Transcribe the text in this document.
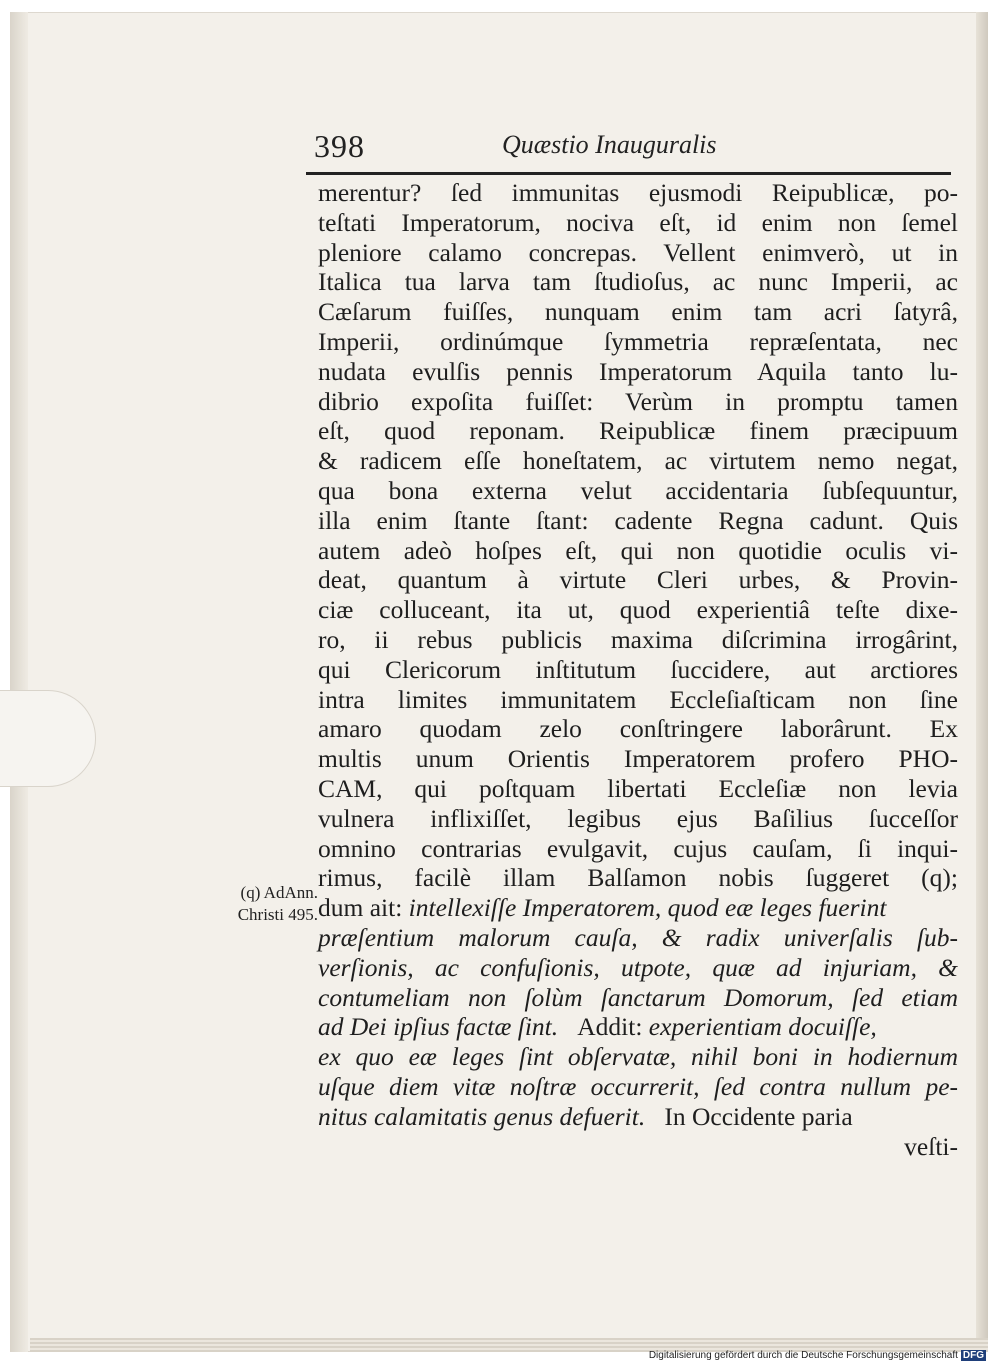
398	Quæstio Inauguralis
(q) AdAnn.
Christi 495.
merentur? ſed immunitas ejusmodi Reipublicæ, po-
teſtati Imperatorum, nociva eſt, id enim non ſemel
pleniore calamo concrepas. Vellent enimverò, ut in
Italica tua larva tam ſtudioſus, ac nunc Imperii, ac
Cæſarum fuiſſes, nunquam enim tam acri ſatyrâ,
Imperii, ordinúmque ſymmetria repræſentata, nec
nudata evulſis pennis Imperatorum Aquila tanto lu-
dibrio expoſita fuiſſet: Verùm in promptu tamen
eſt, quod reponam. Reipublicæ finem præcipuum
& radicem eſſe honeſtatem, ac virtutem nemo negat,
qua bona externa velut accidentaria ſubſequuntur,
illa enim ſtante ſtant: cadente Regna cadunt. Quis
autem adeò hoſpes eſt, qui non quotidie oculis vi-
deat, quantum à virtute Cleri urbes, & Provin-
ciæ colluceant, ita ut, quod experientiâ teſte dixe-
ro, ii rebus publicis maxima diſcrimina irrogârint,
qui Clericorum inſtitutum ſuccidere, aut arctiores
intra limites immunitatem Eccleſiaſticam non ſine
amaro quodam zelo conſtringere laborârunt. Ex
multis unum Orientis Imperatorem profero PHO-
CAM, qui poſtquam libertati Eccleſiæ non levia
vulnera inflixiſſet, legibus ejus Baſilius ſucceſſor
omnino contrarias evulgavit, cujus cauſam, ſi inqui-
rimus, facilè illam Balſamon nobis ſuggeret (q);
dum ait: intellexiſſe Imperatorem, quod eæ leges fuerint
præſentium malorum cauſa, & radix univerſalis ſub-
verſionis, ac confuſionis, utpote, quæ ad injuriam, &
contumeliam non ſolùm ſanctarum Domorum, ſed etiam
ad Dei ipſius factæ ſint. Addit: experientiam docuiſſe,
ex quo eæ leges ſint obſervatæ, nihil boni in hodiernum
uſque diem vitæ noſtræ occurrerit, ſed contra nullum pe-
nitus calamitatis genus defuerit. In Occidente paria
veſti-
Digitalisierung gefördert durch die Deutsche Forschungsgemeinschaft DFG
